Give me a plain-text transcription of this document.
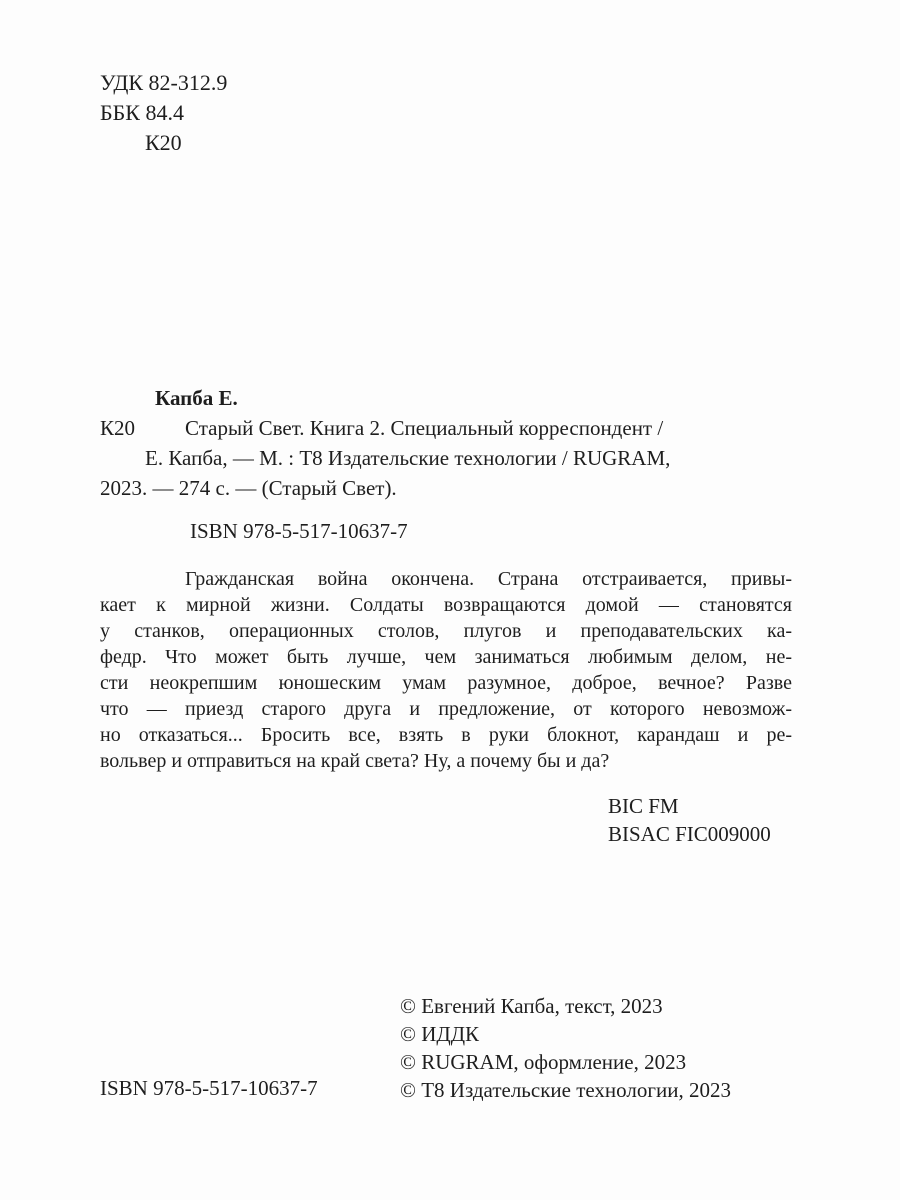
УДК 82-312.9
ББК 84.4
К20
Капба Е.
К20 Старый Свет. Книга 2. Специальный корреспондент /
Е. Капба, — М. : Т8 Издательские технологии / RUGRAM,
2023. — 274 с. — (Старый Свет).
ISBN 978-5-517-10637-7
Гражданская война окончена. Страна отстраивается, привы-
кает к мирной жизни. Солдаты возвращаются домой — становятся
у станков, операционных столов, плугов и преподавательских ка-
федр. Что может быть лучше, чем заниматься любимым делом, не-
сти неокрепшим юношеским умам разумное, доброе, вечное? Разве
что — приезд старого друга и предложение, от которого невозмож-
но отказаться... Бросить все, взять в руки блокнот, карандаш и ре-
вольвер и отправиться на край света? Ну, а почему бы и да?
BIC FM
BISAC FIC009000
© Евгений Капба, текст, 2023
© ИДДК
© RUGRAM, оформление, 2023
© Т8 Издательские технологии, 2023
ISBN 978-5-517-10637-7
